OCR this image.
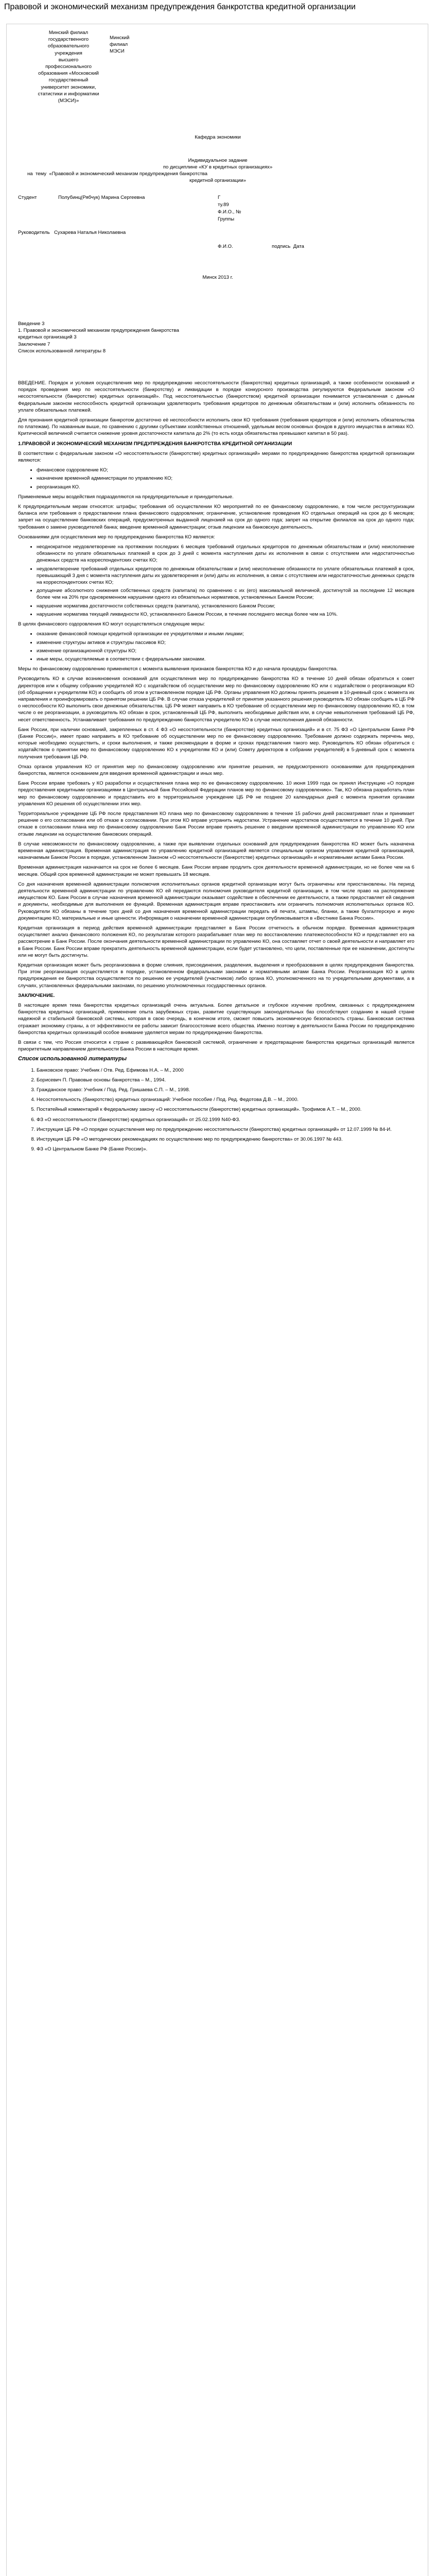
Правовой и экономический механизм предупреждения банкротства кредитной организации
Минский филиал
государственного
образовательного учреждения
высшего профессионального
образования «Московский
государственный
университет экономики,
статистики и информатики
(МЭСИ)»
Минский
филиал
МЭСИ
Кафедра экономики
Индивидуальное задание
по дисциплине «КУ в кредитных организациях»
на  тему  «Правовой и экономический механизм предупреждения банкротства
кредитной организации»
Студент	Полубинц(Рябчук) Марина Сергеевна	Г
ту.89
Ф.И.О., №
Группы
Руководитель Сухарева Наталья Николаевна
Ф.И.О.	подпись  Дата
Минск 2013 г.
Введение 3
1. Правовой и экономический механизм предупреждения банкротства
кредитных организаций 3
Заключение 7
Список использованной литературы 8

ВВЕДЕНИЕ. Порядок и условия осуществления мер по предупреждению несостоятельности (банкротства) кредитных организаций, а также особенности оснований и порядок проведения мер по несостоятельности (банкротству) и ликвидации в порядке конкурсного производства регулируются Федеральным законом «О несостоятельности (банкротстве) кредитных организаций». Под несостоятельностью (банкротством) кредитной организации понимается установленная с данным Федеральным законом неспособность кредитной организации удовлетворить требования кредиторов по денежным обязательствам и (или) исполнить обязанность по уплате обязательных платежей.

Для признания кредитной организации банкротом достаточно её неспособности исполнить свои КО требования (требования кредиторов и (или) исполнить обязательства по платежам). По названным выше, по сравнению с другими субъектами хозяйственных отношений, удельным весом основных фондов в другого имущества в активах КО. Критической величиной считается снижение уровня достаточности капитала до 2% (то есть когда обязательства превышают капитал в 50 раз).

1.ПРАВОВОЙ И ЭКОНОМИЧЕСКИЙ МЕХАНИЗМ ПРЕДУПРЕЖДЕНИЯ БАНКРОТСТВА КРЕДИТНОЙ ОРГАНИЗАЦИИ

В соответствии с федеральным законом «О несостоятельности (банкротстве) кредитных организаций» мерами по предупреждению банкротства кредитной организации являются:

• финансовое оздоровление КО;
• назначение временной администрации по управлению КО;
• реорганизация КО.

Применяемые меры воздействия подразделяются на предупредительные и принудительные.

К предупредительным мерам относятся: штрафы; требования об осуществлении КО мероприятий по ее финансовому оздоровлению, в том числе реструктуризации баланса или требования о предоставлении плана финансового оздоровления; ограничение, установление проведения КО отдельных операций на срок до 6 месяцев; запрет на осуществление банковских операций, предусмотренных выданной лицензией на срок до одного года; запрет на открытие филиалов на срок до одного года; требования о замене руководителей банка; введение временной администрации; отзыв лицензии на банковскую деятельность.

Основаниями для осуществления мер по предупреждению банкротства КО является:

• неоднократное неудовлетворение на протяжении последних 6 месяцев требований отдельных кредиторов по денежным обязательствам и (или) неисполнение обязанности по уплате обязательных платежей в срок до 3 дней с момента наступления даты их исполнения в связи с отсутствием или недостаточностью денежных средств на корреспондентских счетах КО;
• неудовлетворение требований отдельных кредиторов по денежным обязательствам и (или) неисполнение обязанности по уплате обязательных платежей в срок, превышающий 3 дня с момента наступления даты их удовлетворения и (или) даты их исполнения, в связи с отсутствием или недостаточностью денежных средств на корреспондентских счетах КО;
• допущение абсолютного снижения собственных средств (капитала) по сравнению с их (его) максимальной величиной, достигнутой за последние 12 месяцев более чем на 20% при одновременном нарушении одного из обязательных нормативов, установленных Банком России;
• нарушение норматива достаточности собственных средств (капитала), установленного Банком России;
• нарушение норматива текущей ликвидности КО, установленного Банком России, в течение последнего месяца более чем на 10%.

В целях финансового оздоровления КО могут осуществляться следующие меры:

• оказание финансовой помощи кредитной организации ее учредителями и иными лицами;
• изменение структуры активов и структуры пассивов КО;
• изменение организационной структуры КО;
• иные меры, осуществляемые в соответствии с федеральными законами.

Меры по финансовому оздоровлению применяются с момента выявления признаков банкротства КО и до начала процедуры банкротства.

Руководитель КО в случае возникновения оснований для осуществления мер по предупреждению банкротства КО в течение 10 дней обязан обратиться к совет директоров или к общему собранию учредителей КО с ходатайством об осуществлении мер по финансовому оздоровлению КО или с ходатайством о реорганизации КО (об обращении к учредителям КО) и сообщить об этом в установленном порядке ЦБ РФ. Органы управления КО должны принять решения в 10-дневный срок с момента их направления и проинформировать о принятом решении ЦБ РФ. В случае отказа учредителей от принятия указанного решения руководитель КО обязан сообщить в ЦБ РФ о неспособности КО выполнить свои денежные обязательства. ЦБ РФ может направить в КО требование об осуществлении мер по финансовому оздоровлению КО, в том числе о ее реорганизации, а руководитель КО обязан в срок, установленный ЦБ РФ, выполнить необходимые действия или, в случае невыполнения требований ЦБ РФ, несет ответственность. Устанавливает требования по предупреждению банкротства учредителю КО в случае неисполнения данной обязанности.

Банк России, при наличии оснований, закрепленных в ст. 4 ФЗ «О несостоятельности (банкротстве) кредитных организаций» и в ст. 75 ФЗ «О Центральном Банке РФ (Банке России)», имеет право направить в КО требование об осуществлении мер по ее финансовому оздоровлению. Требование должно содержать перечень мер, которые необходимо осуществить, и сроки выполнения, и также рекомендации в форме и сроках представления такого мер. Руководитель КО обязан обратиться с ходатайством о принятии мер по финансовому оздоровлению КО к учредителям КО и (или) Совету директоров в собрании учредителей) в 5-дневный срок с момента получения требования ЦБ РФ.

Отказ органов управления КО от принятия мер по финансовому оздоровлению или принятие решения, не предусмотренного основаниями для предупреждения банкротства, является основанием для введения временной администрации и иных мер.

Банк России вправе требовать у КО разработки и осуществления плана мер по ее финансовому оздоровлению. 10 июня 1999 года он принял Инструкцию «О порядке предоставления кредитными организациями в Центральный банк Российской Федерации планов мер по финансовому оздоровлению». Так, КО обязана разработать план мер по финансовому оздоровлению и предоставить его в территориальное учреждение ЦБ РФ не позднее 20 календарных дней с момента принятия органами управления КО решения об осуществлении этих мер.

Территориальное учреждение ЦБ РФ после представления КО плана мер по финансовому оздоровлению в течение 15 рабочих дней рассматривает план и принимает решение о его согласовании или об отказе в согласовании. При этом КО вправе устранить недостатки. Устранение недостатков осуществляется в течение 10 дней. При отказе в согласовании плана мер по финансовому оздоровлению Банк России вправе принять решение о введении временной администрации по управлению КО или отзыве лицензии на осуществление банковских операций.

В случае невозможности по финансовому оздоровлению, а также при выявлении отдельных оснований для предупреждения банкротства КО может быть назначена временная администрация. Временная администрация по управлению кредитной организацией является специальным органом управления кредитной организацией, назначаемым Банком России в порядке, установленном Законом «О несостоятельности (банкротстве) кредитных организаций» и нормативными актами Банка России.

Временная администрация назначается на срок не более 6 месяцев. Банк России вправе продлить срок деятельности временной администрации, но не более чем на 6 месяцев. Общий срок временной администрации не может превышать 18 месяцев.

Со дня назначения временной администрации полномочия исполнительных органов кредитной организации могут быть ограничены или приостановлены. На период деятельности временной администрации по управлению КО ей передаются полномочия руководителя кредитной организации, в том числе право на распоряжение имуществом КО. Банк России в случае назначения временной администрации оказывает содействие в обеспечении ее деятельности, а также предоставляет ей сведения и документы, необходимые для выполнения ее функций. Временная администрация вправе приостановить или ограничить полномочия исполнительных органов КО. Руководители КО обязаны в течение трех дней со дня назначения временной администрации передать ей печати, штампы, бланки, а также бухгалтерскую и иную документацию КО, материальные и иные ценности. Информация о назначении временной администрации опубликовывается в «Вестнике Банка России».

Кредитная организация в период действия временной администрации представляет в Банк России отчетность в обычном порядке. Временная администрация осуществляет анализ финансового положения КО, по результатам которого разрабатывает план мер по восстановлению платежеспособности КО и представляет его на рассмотрение в Банк России. После окончания деятельности временной администрации по управлению КО, она составляет отчет о своей деятельности и направляет его в Банк России. Банк России вправе прекратить деятельность временной администрации, если будет установлено, что цели, поставленные при ее назначении, достигнуты или не могут быть достигнуты.

Кредитная организация может быть реорганизована в форме слияния, присоединения, разделения, выделения и преобразования в целях предупреждения банкротства. При этом реорганизация осуществляется в порядке, установленном федеральными законами и нормативными актами Банка России. Реорганизация КО в целях предупреждения ее банкротства осуществляется по решению ее учредителей (участников) либо органа КО, уполномоченного на то учредительными документами, а в случаях, установленных федеральными законами, по решению уполномоченных государственных органов.

ЗАКЛЮЧЕНИЕ.

В настоящее время тема банкротства кредитных организаций очень актуальна. Более детальное и глубокое изучение проблем, связанных с предупреждением банкротства кредитных организаций, применение опыта зарубежных стран, развитие существующих законодательных баз способствуют созданию в нашей стране надежной и стабильной банковской системы, которая в свою очередь, в конечном итоге, сможет повысить экономическую безопасность страны. Банковская система отражает экономику страны, а от эффективности ее работы зависит благосостояние всего общества. Именно поэтому в деятельности Банка России по предупреждению банкротства кредитных организаций особое внимание уделяется мерам по предупреждению банкротства.

В связи с тем, что Россия относится к стране с развивающейся банковской системой, ограничение и предотвращение банкротства кредитных организаций является приоритетным направлением деятельности Банка России в настоящее время.

Список использованной литературы
1. Банковское право: Учебник / Отв. Ред. Ефимова Н.А. – М., 2000
2. Борисевич П. Правовые основы банкротства – М., 1994.
3. Гражданское право: Учебник / Под. Ред. Гришаева С.П. – М., 1998.
4. Несостоятельность (банкротство) кредитных организаций: Учебное пособие / Под. Ред. Федотова Д.В. – М., 2000.
5. Постатейный комментарий к Федеральному закону «О несостоятельности (банкротстве) кредитных организаций». Трофимов А.Т. – М., 2000.
6. ФЗ «О несостоятельности (банкротстве) кредитных организаций» от 25.02.1999 N40-ФЗ.
7. Инструкция ЦБ РФ «О порядке осуществления мер по предупреждению несостоятельности (банкротства) кредитных организаций» от 12.07.1999 № 84-И.
8. Инструкция ЦБ РФ «О методических рекомендациях по осуществлению мер по предупреждению банкротства» от 30.06.1997 № 443.
9. ФЗ «О Центральном Банке РФ (Банке России)».
